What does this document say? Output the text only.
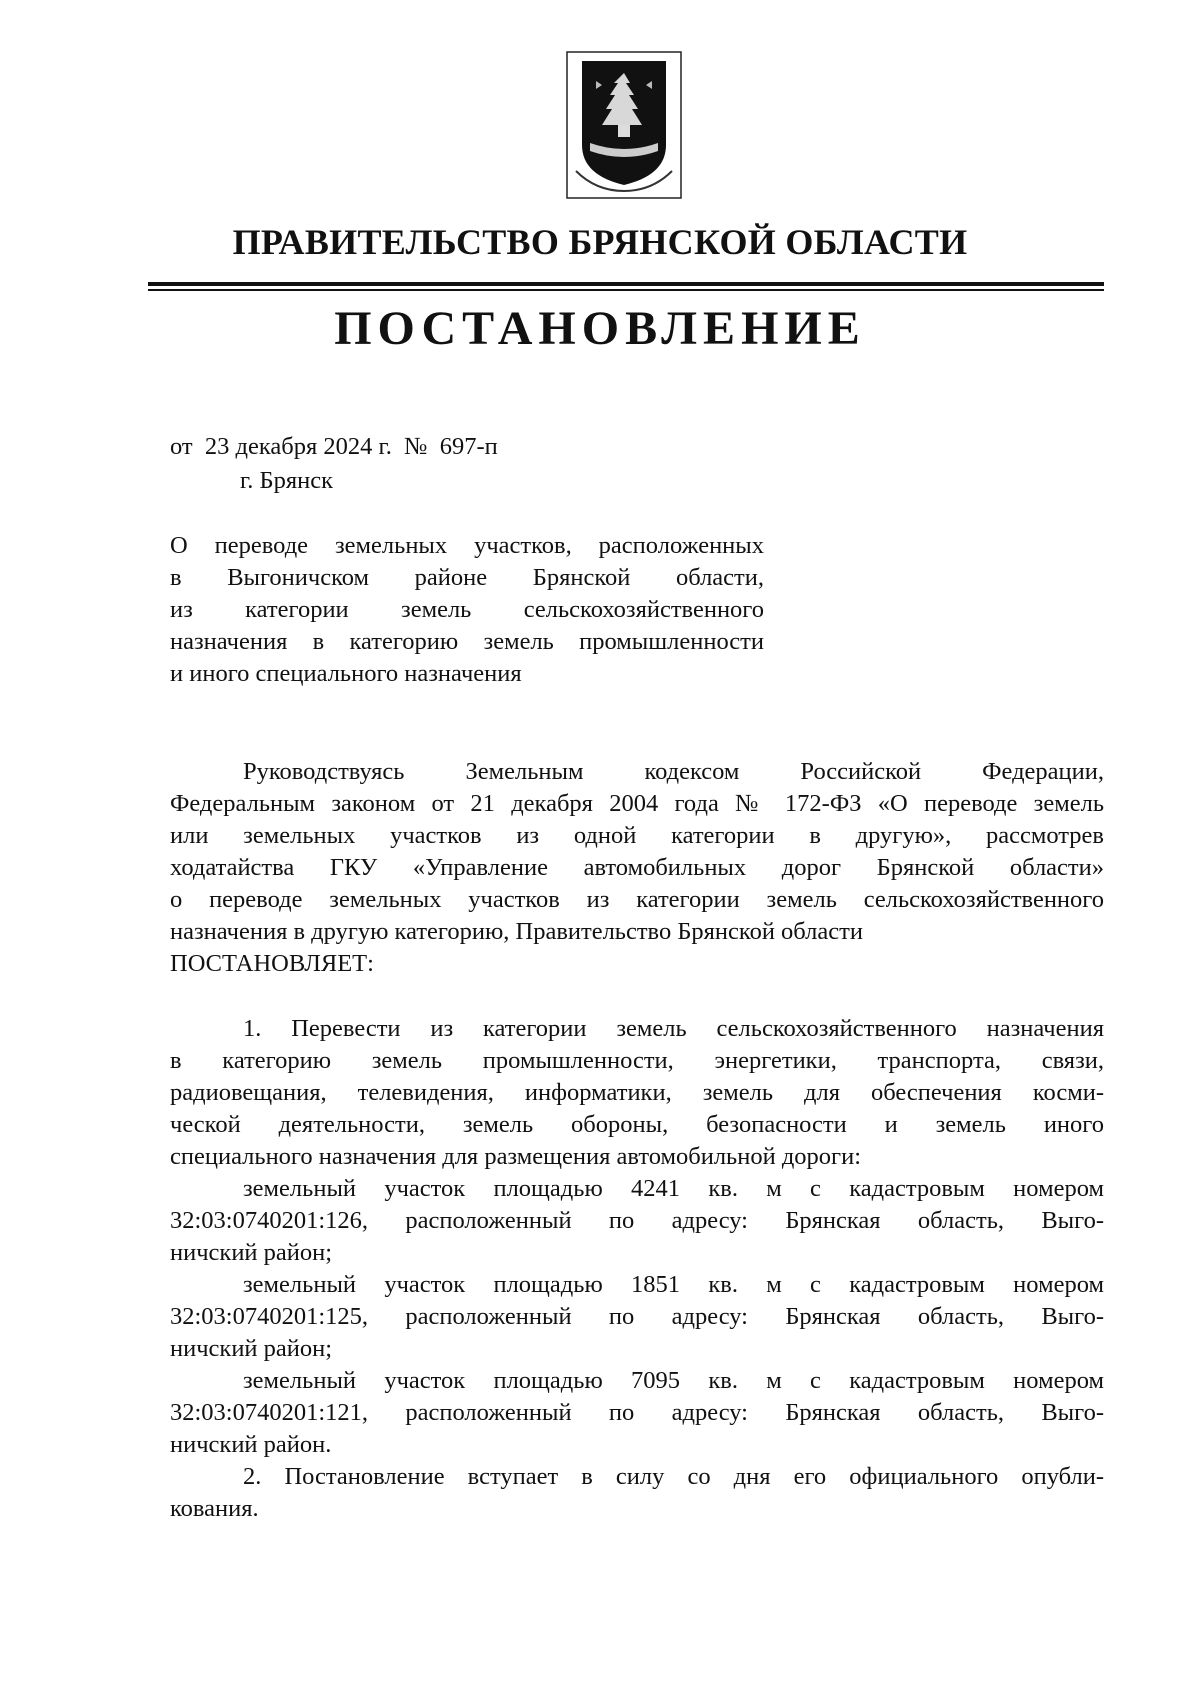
ПРАВИТЕЛЬСТВО БРЯНСКОЙ ОБЛАСТИ
ПОСТАНОВЛЕНИЕ
от  23 декабря 2024 г.  №  697-п
г. Брянск
О переводе земельных участков, расположенных
в Выгоничском районе Брянской области,
из категории земель сельскохозяйственного
назначения в категорию земель промышленности
и иного специального назначения
Руководствуясь Земельным кодексом Российской Федерации,
Федеральным законом от 21 декабря 2004 года № 172-ФЗ «О переводе земель
или земельных участков из одной категории в другую», рассмотрев
ходатайства ГКУ «Управление автомобильных дорог Брянской области»
о переводе земельных участков из категории земель сельскохозяйственного
назначения в другую категорию, Правительство Брянской области
ПОСТАНОВЛЯЕТ:
1. Перевести из категории земель сельскохозяйственного назначения
в категорию земель промышленности, энергетики, транспорта, связи,
радиовещания, телевидения, информатики, земель для обеспечения косми-
ческой деятельности, земель обороны, безопасности и земель иного
специального назначения для размещения автомобильной дороги:
земельный участок площадью 4241 кв. м с кадастровым номером
32:03:0740201:126, расположенный по адресу: Брянская область, Выго-
ничский район;
земельный участок площадью 1851 кв. м с кадастровым номером
32:03:0740201:125, расположенный по адресу: Брянская область, Выго-
ничский район;
земельный участок площадью 7095 кв. м с кадастровым номером
32:03:0740201:121, расположенный по адресу: Брянская область, Выго-
ничский район.
2. Постановление вступает в силу со дня его официального опубли-
кования.
